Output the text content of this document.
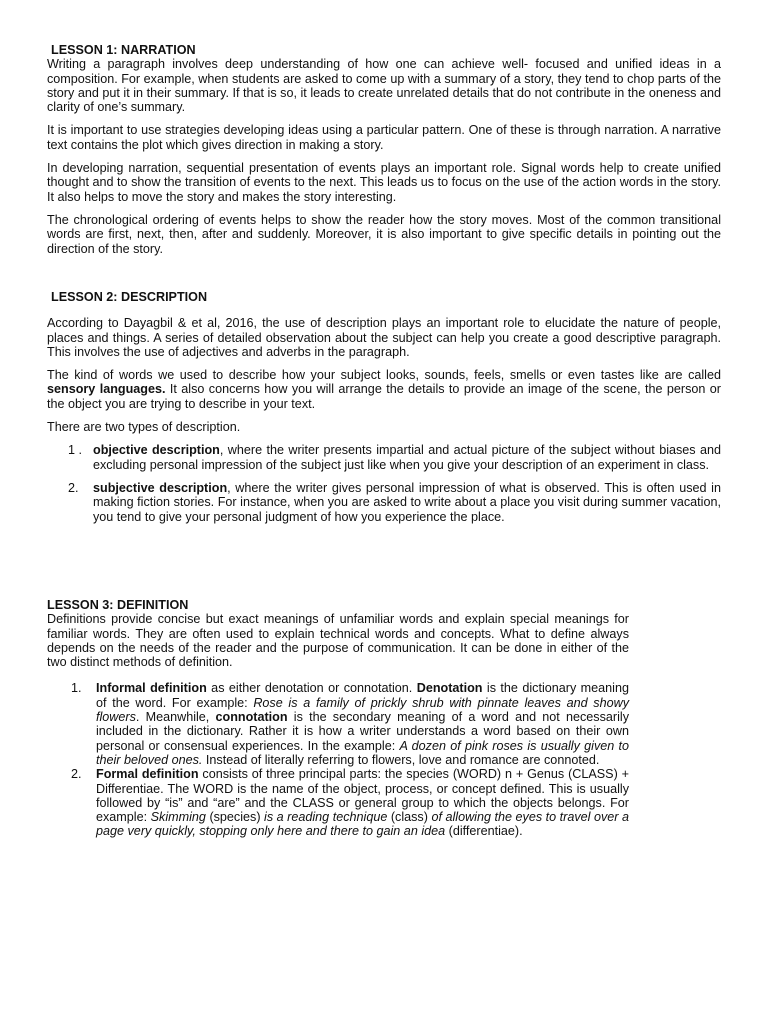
LESSON 1: NARRATION

Writing a paragraph involves deep understanding of how one can achieve well- focused and unified ideas in a composition. For example, when students are asked to come up with a summary of a story, they tend to chop parts of the story and put it in their summary. If that is so, it leads to create unrelated details that do not contribute in the oneness and clarity of one’s summary.

It is important to use strategies developing ideas using a particular pattern. One of these is through narration. A narrative text contains the plot which gives direction in making a story.

In developing narration, sequential presentation of events plays an important role. Signal words help to create unified thought and to show the transition of events to the next. This leads us to focus on the use of the action words in the story. It also helps to move the story and makes the story interesting.

The chronological ordering of events helps to show the reader how the story moves. Most of the common transitional words are first, next, then, after and suddenly. Moreover, it is also important to give specific details in pointing out the direction of the story.

LESSON 2: DESCRIPTION

According to Dayagbil & et al, 2016, the use of description plays an important role to elucidate the nature of people, places and things. A series of detailed observation about the subject can help you create a good descriptive paragraph. This involves the use of adjectives and adverbs in the paragraph.

The kind of words we used to describe how your subject looks, sounds, feels, smells or even tastes like are called sensory languages. It also concerns how you will arrange the details to provide an image of the scene, the person or the object you are trying to describe in your text.

There are two types of description.

1 . objective description, where the writer presents impartial and actual picture of the subject without biases and excluding personal impression of the subject just like when you give your description of an experiment in class.
2. subjective description, where the writer gives personal impression of what is observed. This is often used in making fiction stories. For instance, when you are asked to write about a place you visit during summer vacation, you tend to give your personal judgment of how you experience the place.
LESSON 3: DEFINITION

Definitions provide concise but exact meanings of unfamiliar words and explain special meanings for familiar words. They are often used to explain technical words and concepts. What to define always depends on the needs of the reader and the purpose of communication. It can be done in either of the two distinct methods of definition.

1. Informal definition as either denotation or connotation. Denotation is the dictionary meaning of the word. For example: Rose is a family of prickly shrub with pinnate leaves and showy flowers. Meanwhile, connotation is the secondary meaning of a word and not necessarily included in the dictionary. Rather it is how a writer understands a word based on their own personal or consensual experiences. In the example: A dozen of pink roses is usually given to their beloved ones. Instead of literally referring to flowers, love and romance are connoted.
2. Formal definition consists of three principal parts: the species (WORD) n + Genus (CLASS) + Differentiae. The WORD is the name of the object, process, or concept defined. This is usually followed by “is” and “are” and the CLASS or general group to which the objects belongs. For example: Skimming (species) is a reading technique (class) of allowing the eyes to travel over a page very quickly, stopping only here and there to gain an idea (differentiae).
